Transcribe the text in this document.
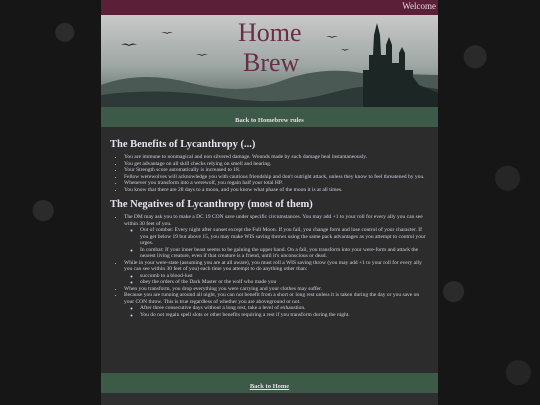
Welcome
Home
Brew
Back to Homebrew rules
The Benefits of Lycanthropy (...)
• You are immune to nonmagical and non silvered damage. Wounds made by such damage heal instantaneously.
• You get advantage on all skill checks relying on smell and hearing.
• Your Strength score automatically is increased to 18.
• Fellow werewolves will acknowledge you with cautious friendship and don't outright attack, unless they know to feel threatened by you.
• Whenever you transform into a werewolf, you regain half your total HP.
• You know that there are 28 days to a moon, and you know what phase of the moon it is at all times.
The Negatives of Lycanthropy (most of them)
• The DM may ask you to make a DC 19 CON save under specific circumstances. You may add +1 to your roll for every ally you can see within 30 feet of you.
◦ Out of combat: Every night after sunset except the Full Moon. If you fail, you change form and lose control of your character. If you get below 19 but above 15, you may make WIS saving throws using the same pack advantages as you attempt to control your urges.
◦ In combat: If your inner beast seems to be gaining the upper hand. On a fail, you transform into your were-form and attack the nearest living creature, even if that creature is a friend, until it's unconscious or dead.
• While in your were-state (assuming you are at all aware), you must roll a WIS saving throw (you may add +1 to your roll for every ally you can see within 30 feet of you) each time you attempt to do anything other than:
◦ succumb to a blood-lust
◦ obey the orders of the Dark Master or the wolf who made you
• When you transform, you drop everything you were carrying and your clothes may suffer.
• Because you are running around all night, you can not benefit from a short or long rest unless it is taken during the day or you save on your CON throw. This is true regardless of whether you are aboveground or not.
◦ After three consecutive days without a long rest, take a level of exhaustion.
◦ You do not regain spell slots or other benefits requiring a rest if you transform during the night.
Back to Home
